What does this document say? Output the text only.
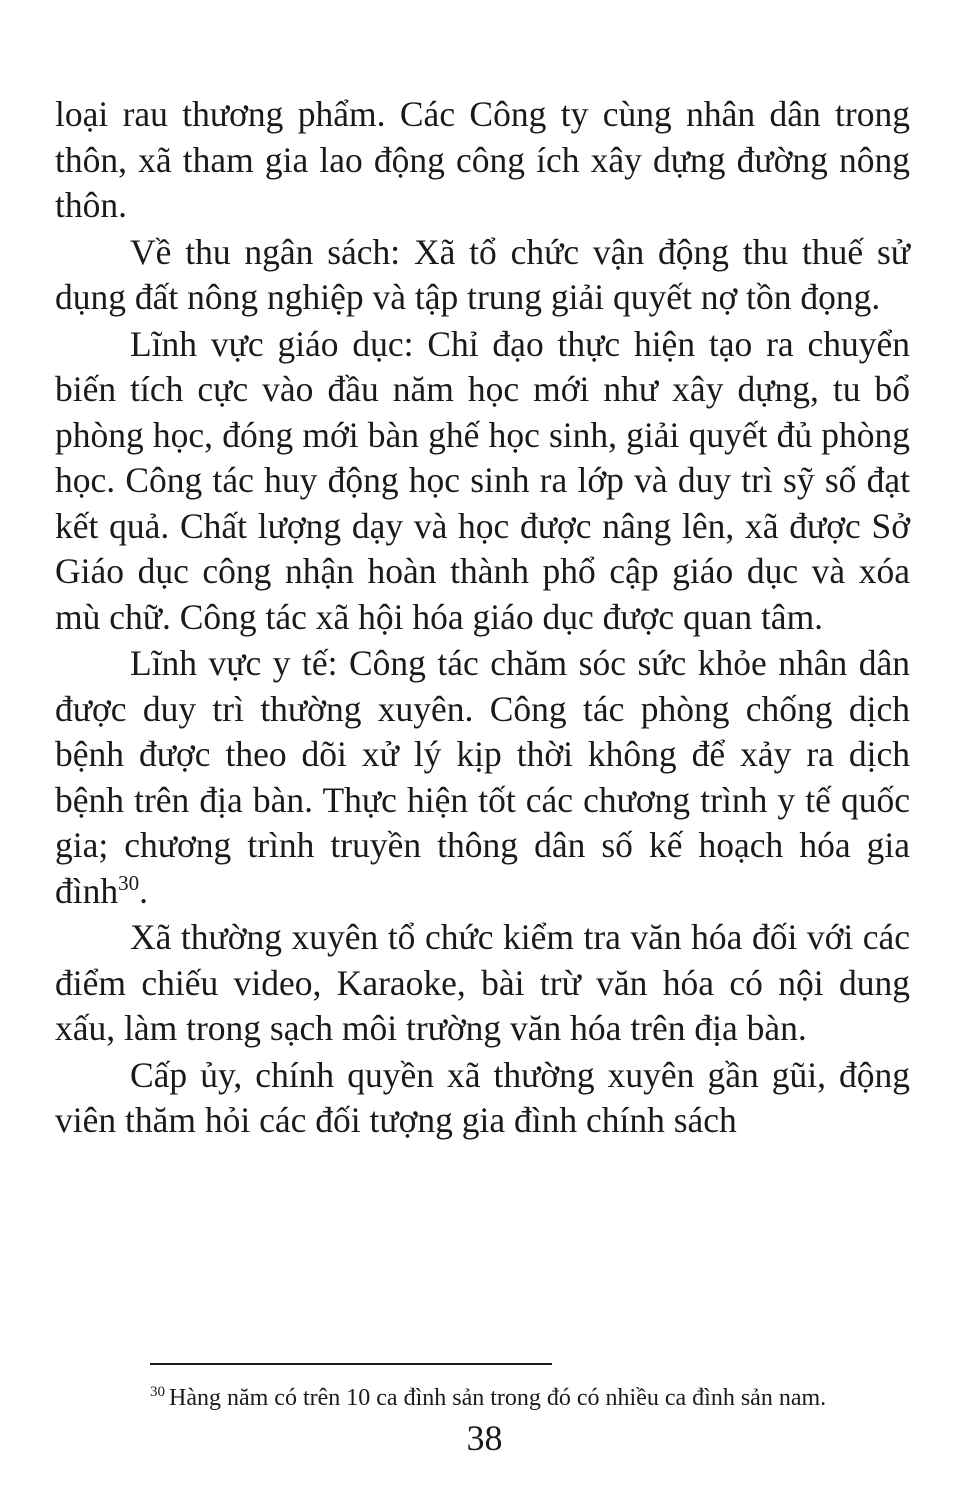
loại rau thương phẩm. Các Công ty cùng nhân dân trong thôn, xã tham gia lao động công ích xây dựng đường nông thôn.

Về thu ngân sách: Xã tổ chức vận động thu thuế sử dụng đất nông nghiệp và tập trung giải quyết nợ tồn đọng.

Lĩnh vực giáo dục: Chỉ đạo thực hiện tạo ra chuyển biến tích cực vào đầu năm học mới như xây dựng, tu bổ phòng học, đóng mới bàn ghế học sinh, giải quyết đủ phòng học. Công tác huy động học sinh ra lớp và duy trì sỹ số đạt kết quả. Chất lượng dạy và học được nâng lên, xã được Sở Giáo dục công nhận hoàn thành phổ cập giáo dục và xóa mù chữ. Công tác xã hội hóa giáo dục được quan tâm.

Lĩnh vực y tế: Công tác chăm sóc sức khỏe nhân dân được duy trì thường xuyên. Công tác phòng chống dịch bệnh được theo dõi xử lý kịp thời không để xảy ra dịch bệnh trên địa bàn. Thực hiện tốt các chương trình y tế quốc gia; chương trình truyền thông dân số kế hoạch hóa gia đình$^{30}$.

Xã thường xuyên tổ chức kiểm tra văn hóa đối với các điểm chiếu video, Karaoke, bài trừ văn hóa có nội dung xấu, làm trong sạch môi trường văn hóa trên địa bàn.

Cấp ủy, chính quyền xã thường xuyên gần gũi, động viên thăm hỏi các đối tượng gia đình chính sách

$^{30}$ Hàng năm có trên 10 ca đình sản trong đó có nhiều ca đình sản nam.
38
